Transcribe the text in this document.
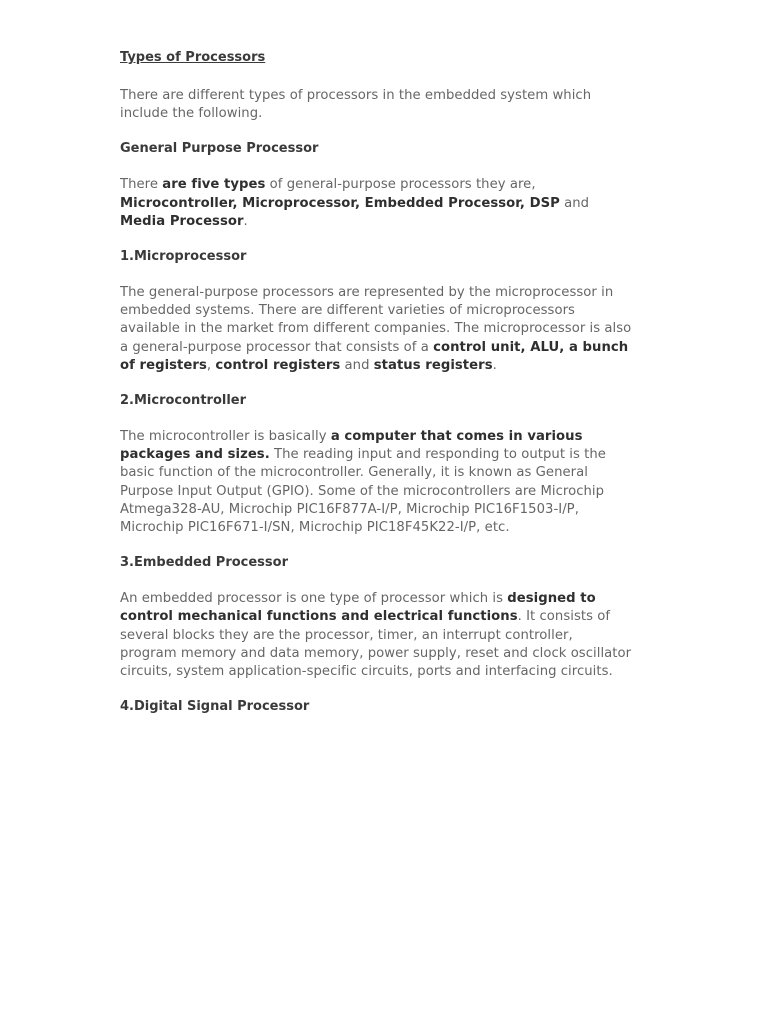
Types of Processors

There are different types of processors in the embedded system which include the following.

General Purpose Processor

There are five types of general-purpose processors they are, Microcontroller, Microprocessor, Embedded Processor, DSP and Media Processor.

1.Microprocessor

The general-purpose processors are represented by the microprocessor in embedded systems. There are different varieties of microprocessors available in the market from different companies. The microprocessor is also a general-purpose processor that consists of a control unit, ALU, a bunch of registers, control registers and status registers.

2.Microcontroller

The microcontroller is basically a computer that comes in various packages and sizes. The reading input and responding to output is the basic function of the microcontroller. Generally, it is known as General Purpose Input Output (GPIO). Some of the microcontrollers are Microchip Atmega328-AU, Microchip PIC16F877A-I/P, Microchip PIC16F1503-I/P, Microchip PIC16F671-I/SN, Microchip PIC18F45K22-I/P, etc.

3.Embedded Processor

An embedded processor is one type of processor which is designed to control mechanical functions and electrical functions. It consists of several blocks they are the processor, timer, an interrupt controller, program memory and data memory, power supply, reset and clock oscillator circuits, system application-specific circuits, ports and interfacing circuits.

4.Digital Signal Processor
